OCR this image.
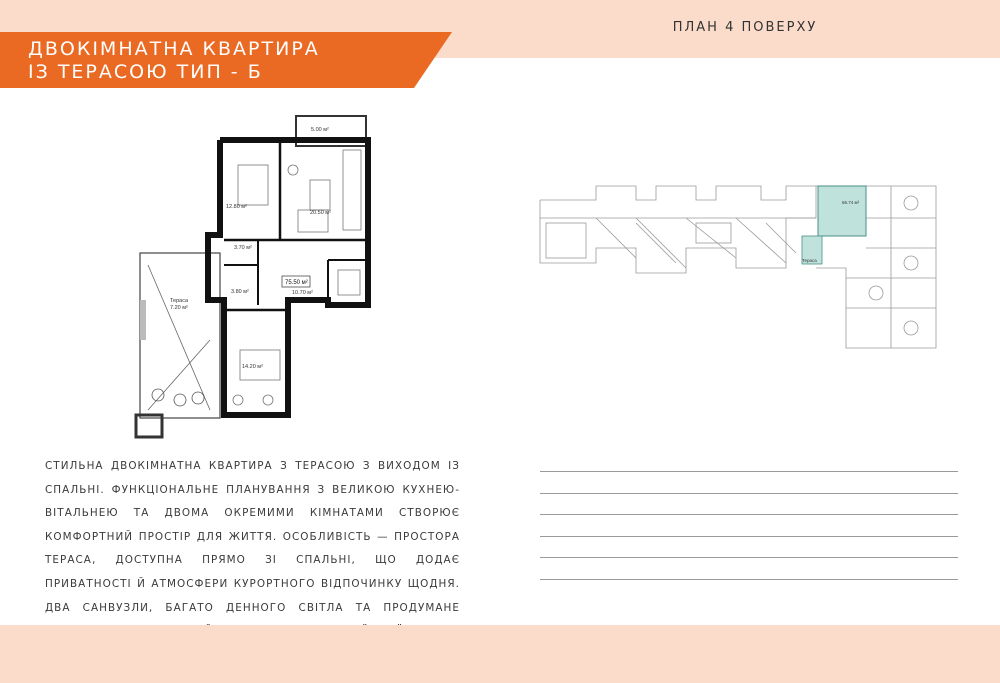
ДВОКІМНАТНА КВАРТИРА
ІЗ ТЕРАСОЮ ТИП - Б
ПЛАН 4 ПОВЕРХУ
Тераса
7.20 м²
5.00 м²
12.80 м²
20.50 м²
3.70 м²
3.80 м²
75.50 м²
10.70 м²
14.20 м²
66.74 м²
Тераса
СТИЛЬНА ДВОКІМНАТНА КВАРТИРА З ТЕРАСОЮ З ВИХОДОМ ІЗ СПАЛЬНІ. ФУНКЦІОНАЛЬНЕ ПЛАНУВАННЯ З ВЕЛИКОЮ КУХНЕЮ-ВІТАЛЬНЕЮ ТА ДВОМА ОКРЕМИМИ КІМНАТАМИ СТВОРЮЄ КОМФОРТНИЙ ПРОСТІР ДЛЯ ЖИТТЯ. ОСОБЛИВІСТЬ — ПРОСТОРА ТЕРАСА, ДОСТУПНА ПРЯМО ЗІ СПАЛЬНІ, ЩО ДОДАЄ ПРИВАТНОСТІ Й АТМОСФЕРИ КУРОРТНОГО ВІДПОЧИНКУ ЩОДНЯ. ДВА САНВУЗЛИ, БАГАТО ДЕННОГО СВІТЛА ТА ПРОДУМАНЕ
